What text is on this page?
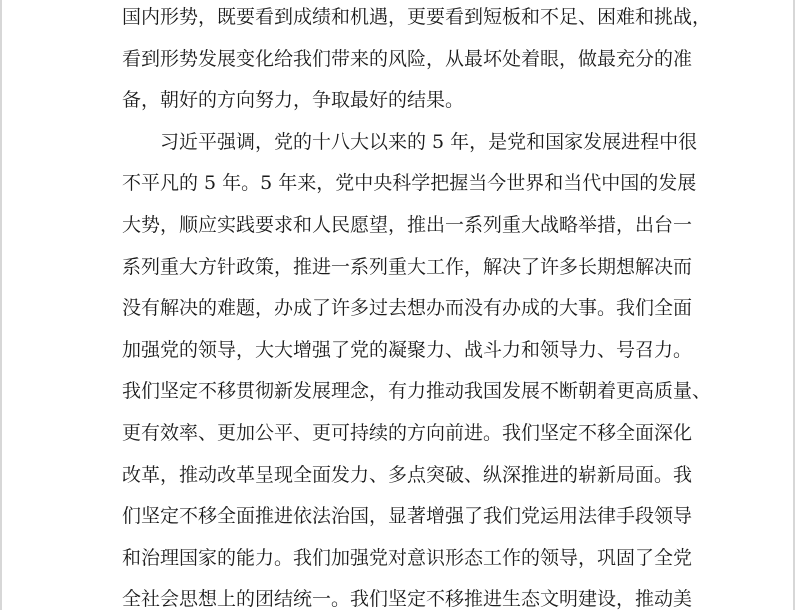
国内形势，既要看到成绩和机遇，更要看到短板和不足、困难和挑战，
看到形势发展变化给我们带来的风险，从最坏处着眼，做最充分的准
备，朝好的方向努力，争取最好的结果。
习近平强调，党的十八大以来的 5 年，是党和国家发展进程中很
不平凡的 5 年。5 年来，党中央科学把握当今世界和当代中国的发展
大势，顺应实践要求和人民愿望，推出一系列重大战略举措，出台一
系列重大方针政策，推进一系列重大工作，解决了许多长期想解决而
没有解决的难题，办成了许多过去想办而没有办成的大事。我们全面
加强党的领导，大大增强了党的凝聚力、战斗力和领导力、号召力。
我们坚定不移贯彻新发展理念，有力推动我国发展不断朝着更高质量、
更有效率、更加公平、更可持续的方向前进。我们坚定不移全面深化
改革，推动改革呈现全面发力、多点突破、纵深推进的崭新局面。我
们坚定不移全面推进依法治国，显著增强了我们党运用法律手段领导
和治理国家的能力。我们加强党对意识形态工作的领导，巩固了全党
全社会思想上的团结统一。我们坚定不移推进生态文明建设，推动美
